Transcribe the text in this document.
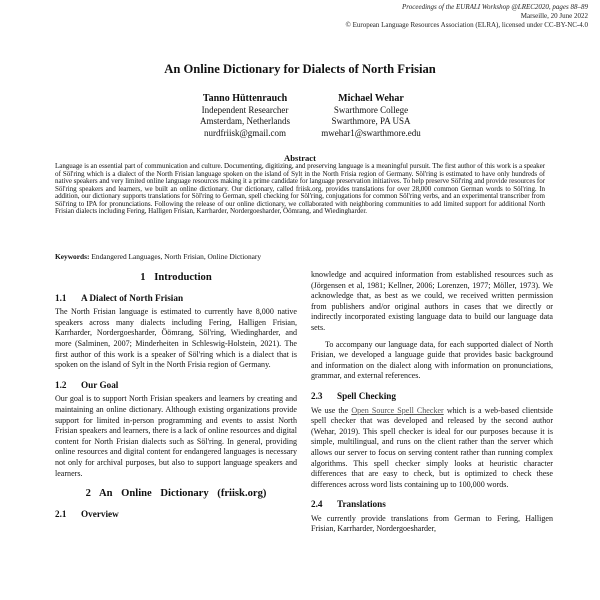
Proceedings of the EURALI Workshop @LREC2020, pages 88–89
Marseille, 20 June 2022
© European Language Resources Association (ELRA), licensed under CC-BY-NC-4.0
An Online Dictionary for Dialects of North Frisian
Tanno Hüttenrauch
Independent Researcher
Amsterdam, Netherlands
nurdfriisk@gmail.com
Michael Wehar
Swarthmore College
Swarthmore, PA USA
mwehar1@swarthmore.edu
Abstract
Language is an essential part of communication and culture. Documenting, digitizing, and preserving language is a meaningful pursuit. The first author of this work is a speaker of Söl'ring which is a dialect of the North Frisian language spoken on the island of Sylt in the North Frisia region of Germany. Söl'ring is estimated to have only hundreds of native speakers and very limited online language resources making it a prime candidate for language preservation initiatives. To help preserve Söl'ring and provide resources for Söl'ring speakers and learners, we built an online dictionary. Our dictionary, called friisk.org, provides translations for over 28,000 common German words to Söl'ring. In addition, our dictionary supports translations for Söl'ring to German, spell checking for Söl'ring, conjugations for common Söl'ring verbs, and an experimental transcriber from Söl'ring to IPA for pronunciations. Following the release of our online dictionary, we collaborated with neighboring communities to add limited support for additional North Frisian dialects including Fering, Halligen Frisian, Karrharder, Nordergoesharder, Öömrang, and Wiedingharder.
Keywords: Endangered Languages, North Frisian, Online Dictionary
1 Introduction
1.1 A Dialect of North Frisian

The North Frisian language is estimated to currently have 8,000 native speakers across many dialects including Fering, Halligen Frisian, Karrharder, Nordergoesharder, Öömrang, Söl'ring, Wiedingharder, and more (Salminen, 2007; Minderheiten in Schleswig-Holstein, 2021). The first author of this work is a speaker of Söl'ring which is a dialect that is spoken on the island of Sylt in the North Frisia region of Germany.

1.2 Our Goal

Our goal is to support North Frisian speakers and learners by creating and maintaining an online dictionary. Although existing organizations provide support for limited in-person programming and events to assist North Frisian speakers and learners, there is a lack of online resources and digital content for North Frisian dialects such as Söl'ring. In general, providing online resources and digital content for endangered languages is necessary not only for archival purposes, but also to support language speakers and learners.

2 An Online Dictionary (friisk.org)
2.1 Overview

knowledge and acquired information from established resources such as (Jörgensen et al, 1981; Kellner, 2006; Lorenzen, 1977; Möller, 1973). We acknowledge that, as best as we could, we received written permission from publishers and/or original authors in cases that we directly or indirectly incorporated existing language data to build our language data sets.

To accompany our language data, for each supported dialect of North Frisian, we developed a language guide that provides basic background and information on the dialect along with information on pronunciations, grammar, and external references.

2.3 Spell Checking

We use the Open Source Spell Checker which is a web-based clientside spell checker that was developed and released by the second author (Wehar, 2019). This spell checker is ideal for our purposes because it is simple, multilingual, and runs on the client rather than the server which allows our server to focus on serving content rather than running complex algorithms. This spell checker simply looks at heuristic character differences that are easy to check, but is optimized to check these differences across word lists containing up to 100,000 words.

2.4 Translations

We currently provide translations from German to Fering, Halligen Frisian, Karrharder, Nordergoesharder,
